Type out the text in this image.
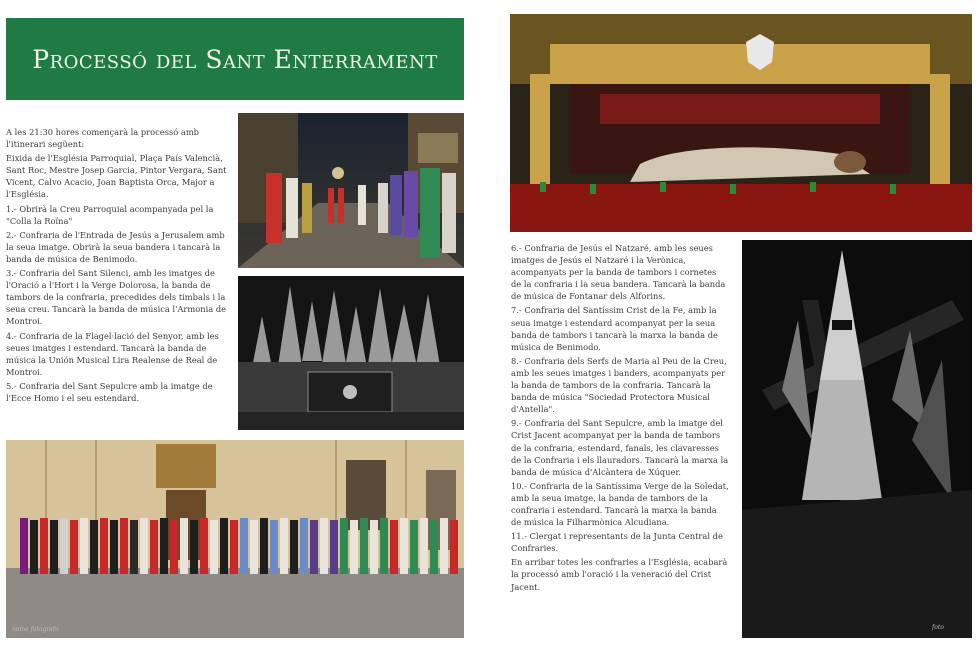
Processó del Sant Enterrament

A les 21:30 hores començarà la processó amb l'itinerari següent:

Eixida de l'Església Parroquial, Plaça País Valencià, Sant Roc, Mestre Josep Garcia, Pintor Vergara, Sant Vicent, Calvo Acacio, Joan Baptista Orca, Major a l'Església.

1.- Obrirà la Creu Parroquial acompanyada pel la "Colla la Roïna"

2.- Confraria de l'Entrada de Jesús a Jerusalem amb la seua imatge. Obrirà la seua bandera i tancarà la banda de música de Benimodo.

3.- Confraria del Sant Silenci, amb les imatges de l'Oració a l'Hort i la Verge Dolorosa, la banda de tambors de la confraria, precedides dels timbals i la seua creu. Tancarà la banda de música l'Armonia de Montroi.

4.- Confraria de la Flagel·lació del Senyor, amb les seues imatges i estendard. Tancarà la banda de música la Unión Musical Lira Realense de Real de Montroi.

5.- Confraria del Sant Sepulcre amb la imatge de l'Ecce Homo i el seu estendard.

nome fotografo

6.- Confraria de Jesús el Natzaré, amb les seues imatges de Jesús el Natzaré i la Verònica, acompanyats per la banda de tambors i cornetes de la confraria i la seua bandera. Tancarà la banda de música de Fontanar dels Alforins.

7.- Confraria del Santíssim Crist de la Fe, amb la seua imatge i estendard acompanyat per la seua banda de tambors i tancarà la marxa la banda de música de Benimodo.

8.- Confraria dels Serfs de Maria al Peu de la Creu, amb les seues imatges i banders, acompanyats per la banda de tambors de la confraria. Tancarà la banda de música "Sociedad Protectora Musical d'Antella".

9.- Confraria del Sant Sepulcre, amb la imatge del Crist Jacent acompanyat per la banda de tambors de la confraria, estendard, fanals, les clavaresses de la Confraria i els llauradors. Tancarà la marxa la banda de música d'Alcàntera de Xúquer.

10.- Confraria de la Santíssima Verge de la Soledat, amb la seua imatge, la banda de tambors de la confraria i estendard. Tancarà la marxa la banda de música la Filharmònica Alcudiana.

11.- Clergat i representants de la Junta Central de Confraries.

En arribar totes les confraries a l'Església, acabarà la processó amb l'oració i la veneració del Crist Jacent.

foto
